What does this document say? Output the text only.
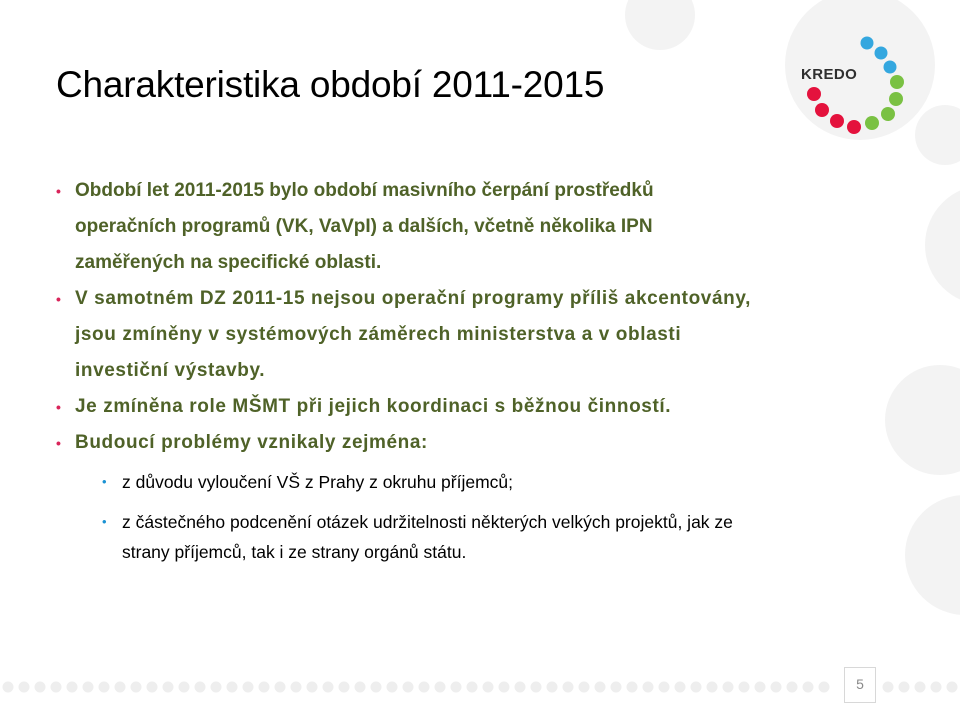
Charakteristika období 2011-2015	KREDO
• Období let 2011-2015 bylo období masivního čerpání prostředků
operačních programů (VK, VaVpI) a dalších, včetně několika IPN
zaměřených na specifické oblasti.
• V samotném DZ 2011-15 nejsou operační programy příliš akcentovány,
jsou zmíněny v systémových záměrech ministerstva a v oblasti
investiční výstavby.
• Je zmíněna role MŠMT při jejich koordinaci s běžnou činností.
• Budoucí problémy vznikaly zejména:
• z důvodu vyloučení VŠ z Prahy z okruhu příjemců;
• z částečného podcenění otázek udržitelnosti některých velkých projektů, jak ze
strany příjemců, tak i ze strany orgánů státu.
5
